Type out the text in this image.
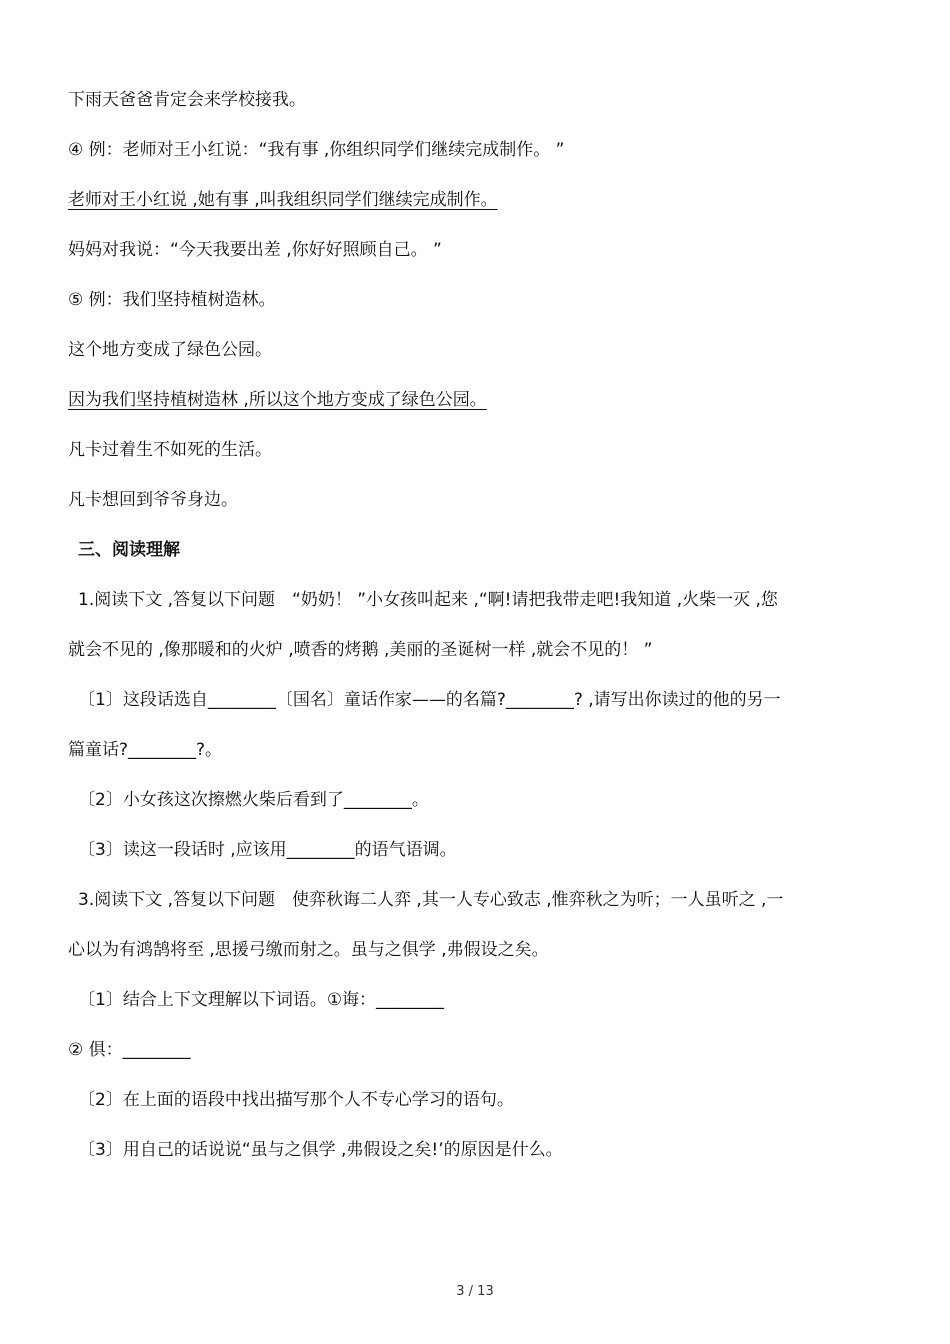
下雨天爸爸肯定会来学校接我。
④ 例：老师对王小红说：“我有事 ,你组织同学们继续完成制作。 ”
老师对王小红说 ,她有事 ,叫我组织同学们继续完成制作。
妈妈对我说：“今天我要出差 ,你好好照顾自己。 ”
⑤ 例：我们坚持植树造林。
这个地方变成了绿色公园。
因为我们坚持植树造林 ,所以这个地方变成了绿色公园。
凡卡过着生不如死的生活。
凡卡想回到爷爷身边。
三、阅读理解
1.阅读下文 ,答复以下问题　“奶奶！ ”小女孩叫起来 ,“啊!请把我带走吧!我知道 ,火柴一灭 ,您
就会不见的 ,像那暖和的火炉 ,喷香的烤鹅 ,美丽的圣诞树一样 ,就会不见的！ ”
〔1〕这段话选自________〔国名〕童话作家——的名篇?________? ,请写出你读过的他的另一
篇童话?________?。
〔2〕小女孩这次擦燃火柴后看到了________。
〔3〕读这一段话时 ,应该用________的语气语调。
3.阅读下文 ,答复以下问题　使弈秋诲二人弈 ,其一人专心致志 ,惟弈秋之为听；一人虽听之 ,一
心以为有鸿鹄将至 ,思援弓缴而射之。虽与之俱学 ,弗假设之矣。
〔1〕结合上下文理解以下词语。①诲：________
② 俱：________
〔2〕在上面的语段中找出描写那个人不专心学习的语句。
〔3〕用自己的话说说“虽与之俱学 ,弗假设之矣!’的原因是什么。
3 / 13
